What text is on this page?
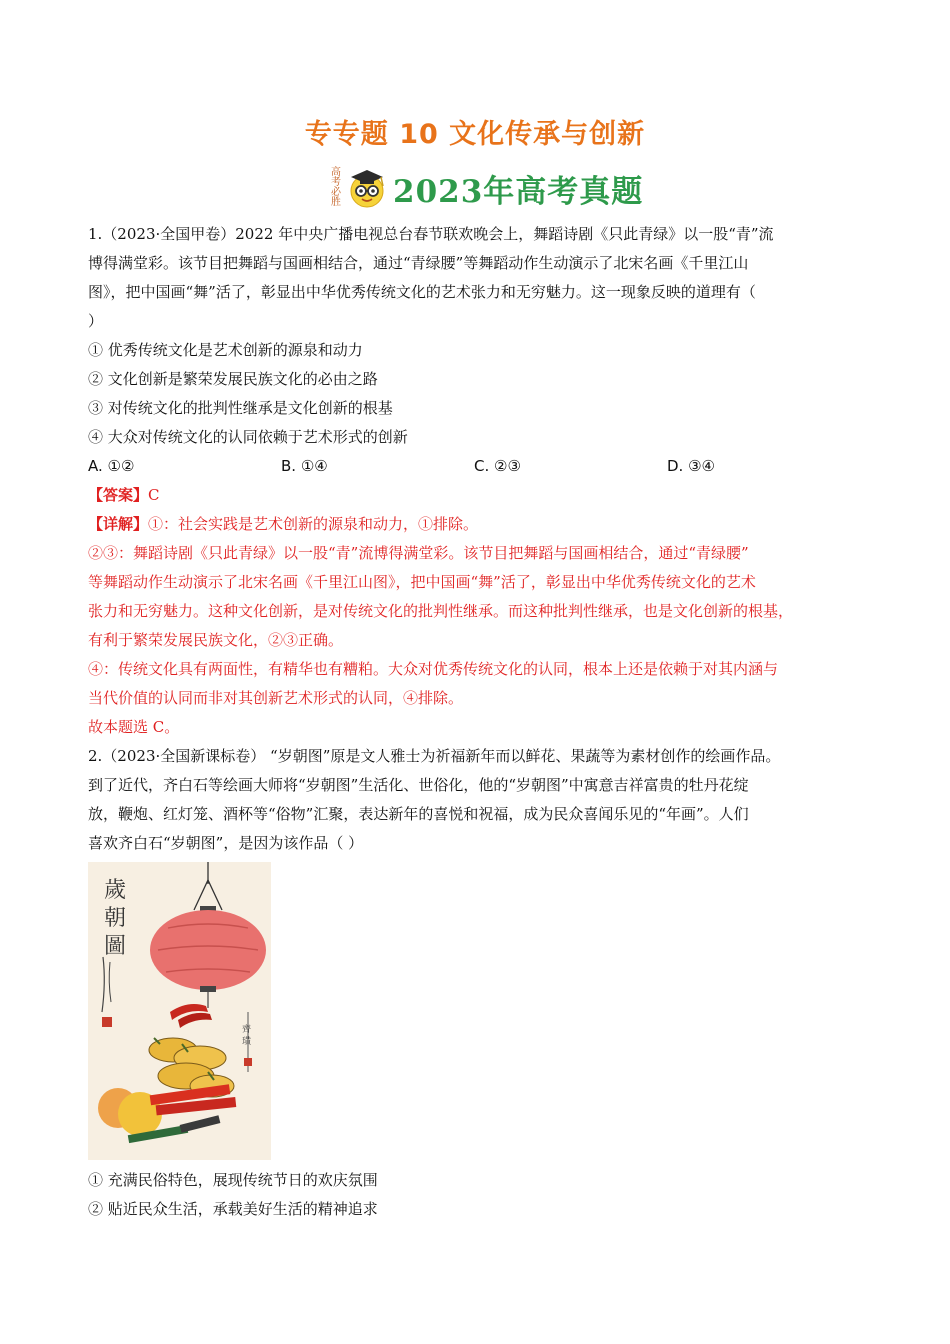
专专题 10 文化传承与创新
高考必胜 2023年高考真题
1.（2023·全国甲卷）2022 年中央广播电视总台春节联欢晚会上，舞蹈诗剧《只此青绿》以一股“青”流
博得满堂彩。该节目把舞蹈与国画相结合，通过“青绿腰”等舞蹈动作生动演示了北宋名画《千里江山
图》，把中国画“舞”活了，彰显出中华优秀传统文化的艺术张力和无穷魅力。这一现象反映的道理有（
）
① 优秀传统文化是艺术创新的源泉和动力
② 文化创新是繁荣发展民族文化的必由之路
③ 对传统文化的批判性继承是文化创新的根基
④ 大众对传统文化的认同依赖于艺术形式的创新
A. ①②	B. ①④	C. ②③	D. ③④
【答案】C
【详解】①：社会实践是艺术创新的源泉和动力，①排除。
②③：舞蹈诗剧《只此青绿》以一股“青”流博得满堂彩。该节目把舞蹈与国画相结合，通过“青绿腰”
等舞蹈动作生动演示了北宋名画《千里江山图》，把中国画“舞”活了，彰显出中华优秀传统文化的艺术
张力和无穷魅力。这种文化创新，是对传统文化的批判性继承。而这种批判性继承，也是文化创新的根基，
有利于繁荣发展民族文化，②③正确。
④：传统文化具有两面性，有精华也有糟粕。大众对优秀传统文化的认同，根本上还是依赖于对其内涵与
当代价值的认同而非对其创新艺术形式的认同，④排除。
故本题选 C。
2.（2023·全国新课标卷） “岁朝图”原是文人雅士为祈福新年而以鲜花、果蔬等为素材创作的绘画作品。
到了近代，齐白石等绘画大师将“岁朝图”生活化、世俗化，他的“岁朝图”中寓意吉祥富贵的牡丹花绽
放，鞭炮、红灯笼、酒杯等“俗物”汇聚，表达新年的喜悦和祝福，成为民众喜闻乐见的“年画”。人们
喜欢齐白石“岁朝图”，是因为该作品（ ）
歲
朝
圖
齊
璜
① 充满民俗特色，展现传统节日的欢庆氛围
② 贴近民众生活，承载美好生活的精神追求
